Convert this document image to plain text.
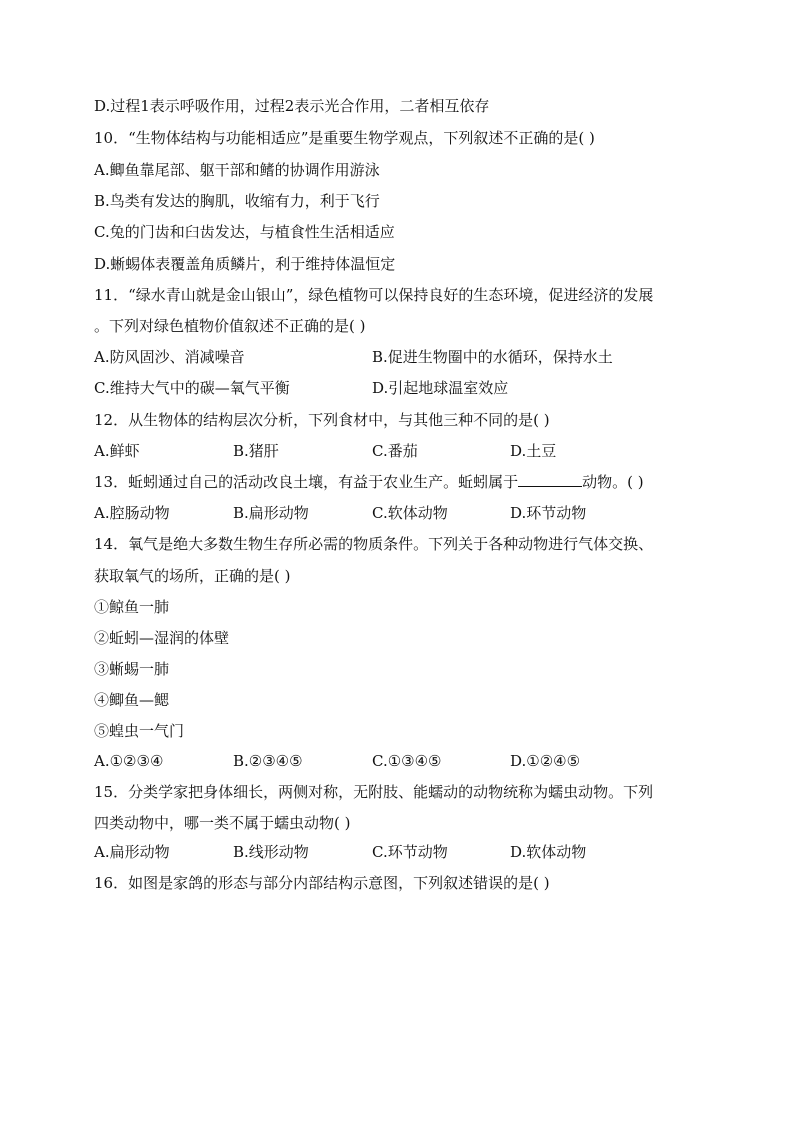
D.过程1表示呼吸作用，过程2表示光合作用，二者相互依存
10．“生物体结构与功能相适应”是重要生物学观点，下列叙述不正确的是( )
A.鲫鱼靠尾部、躯干部和鳍的协调作用游泳
B.鸟类有发达的胸肌，收缩有力，利于飞行
C.兔的门齿和臼齿发达，与植食性生活相适应
D.蜥蜴体表覆盖角质鳞片，利于维持体温恒定
11．“绿水青山就是金山银山”，绿色植物可以保持良好的生态环境，促进经济的发展
。下列对绿色植物价值叙述不正确的是( )
A.防风固沙、消减噪音	B.促进生物圈中的水循环，保持水土
C.维持大气中的碳—氧气平衡	D.引起地球温室效应
12．从生物体的结构层次分析，下列食材中，与其他三种不同的是( )
A.鲜虾	B.猪肝	C.番茄	D.土豆
13．蚯蚓通过自己的活动改良土壤，有益于农业生产。蚯蚓属于	动物。( )
A.腔肠动物	B.扁形动物	C.软体动物	D.环节动物
14．氧气是绝大多数生物生存所必需的物质条件。下列关于各种动物进行气体交换、
获取氧气的场所，正确的是( )
①鲸鱼一肺
②蚯蚓—湿润的体壁
③蜥蜴一肺
④鲫鱼—鳃
⑤蝗虫一气门
A.①②③④	B.②③④⑤	C.①③④⑤	D.①②④⑤
15．分类学家把身体细长，两侧对称，无附肢、能蠕动的动物统称为蠕虫动物。下列
四类动物中，哪一类不属于蠕虫动物( )
A.扁形动物	B.线形动物	C.环节动物	D.软体动物
16．如图是家鸽的形态与部分内部结构示意图，下列叙述错误的是( )
